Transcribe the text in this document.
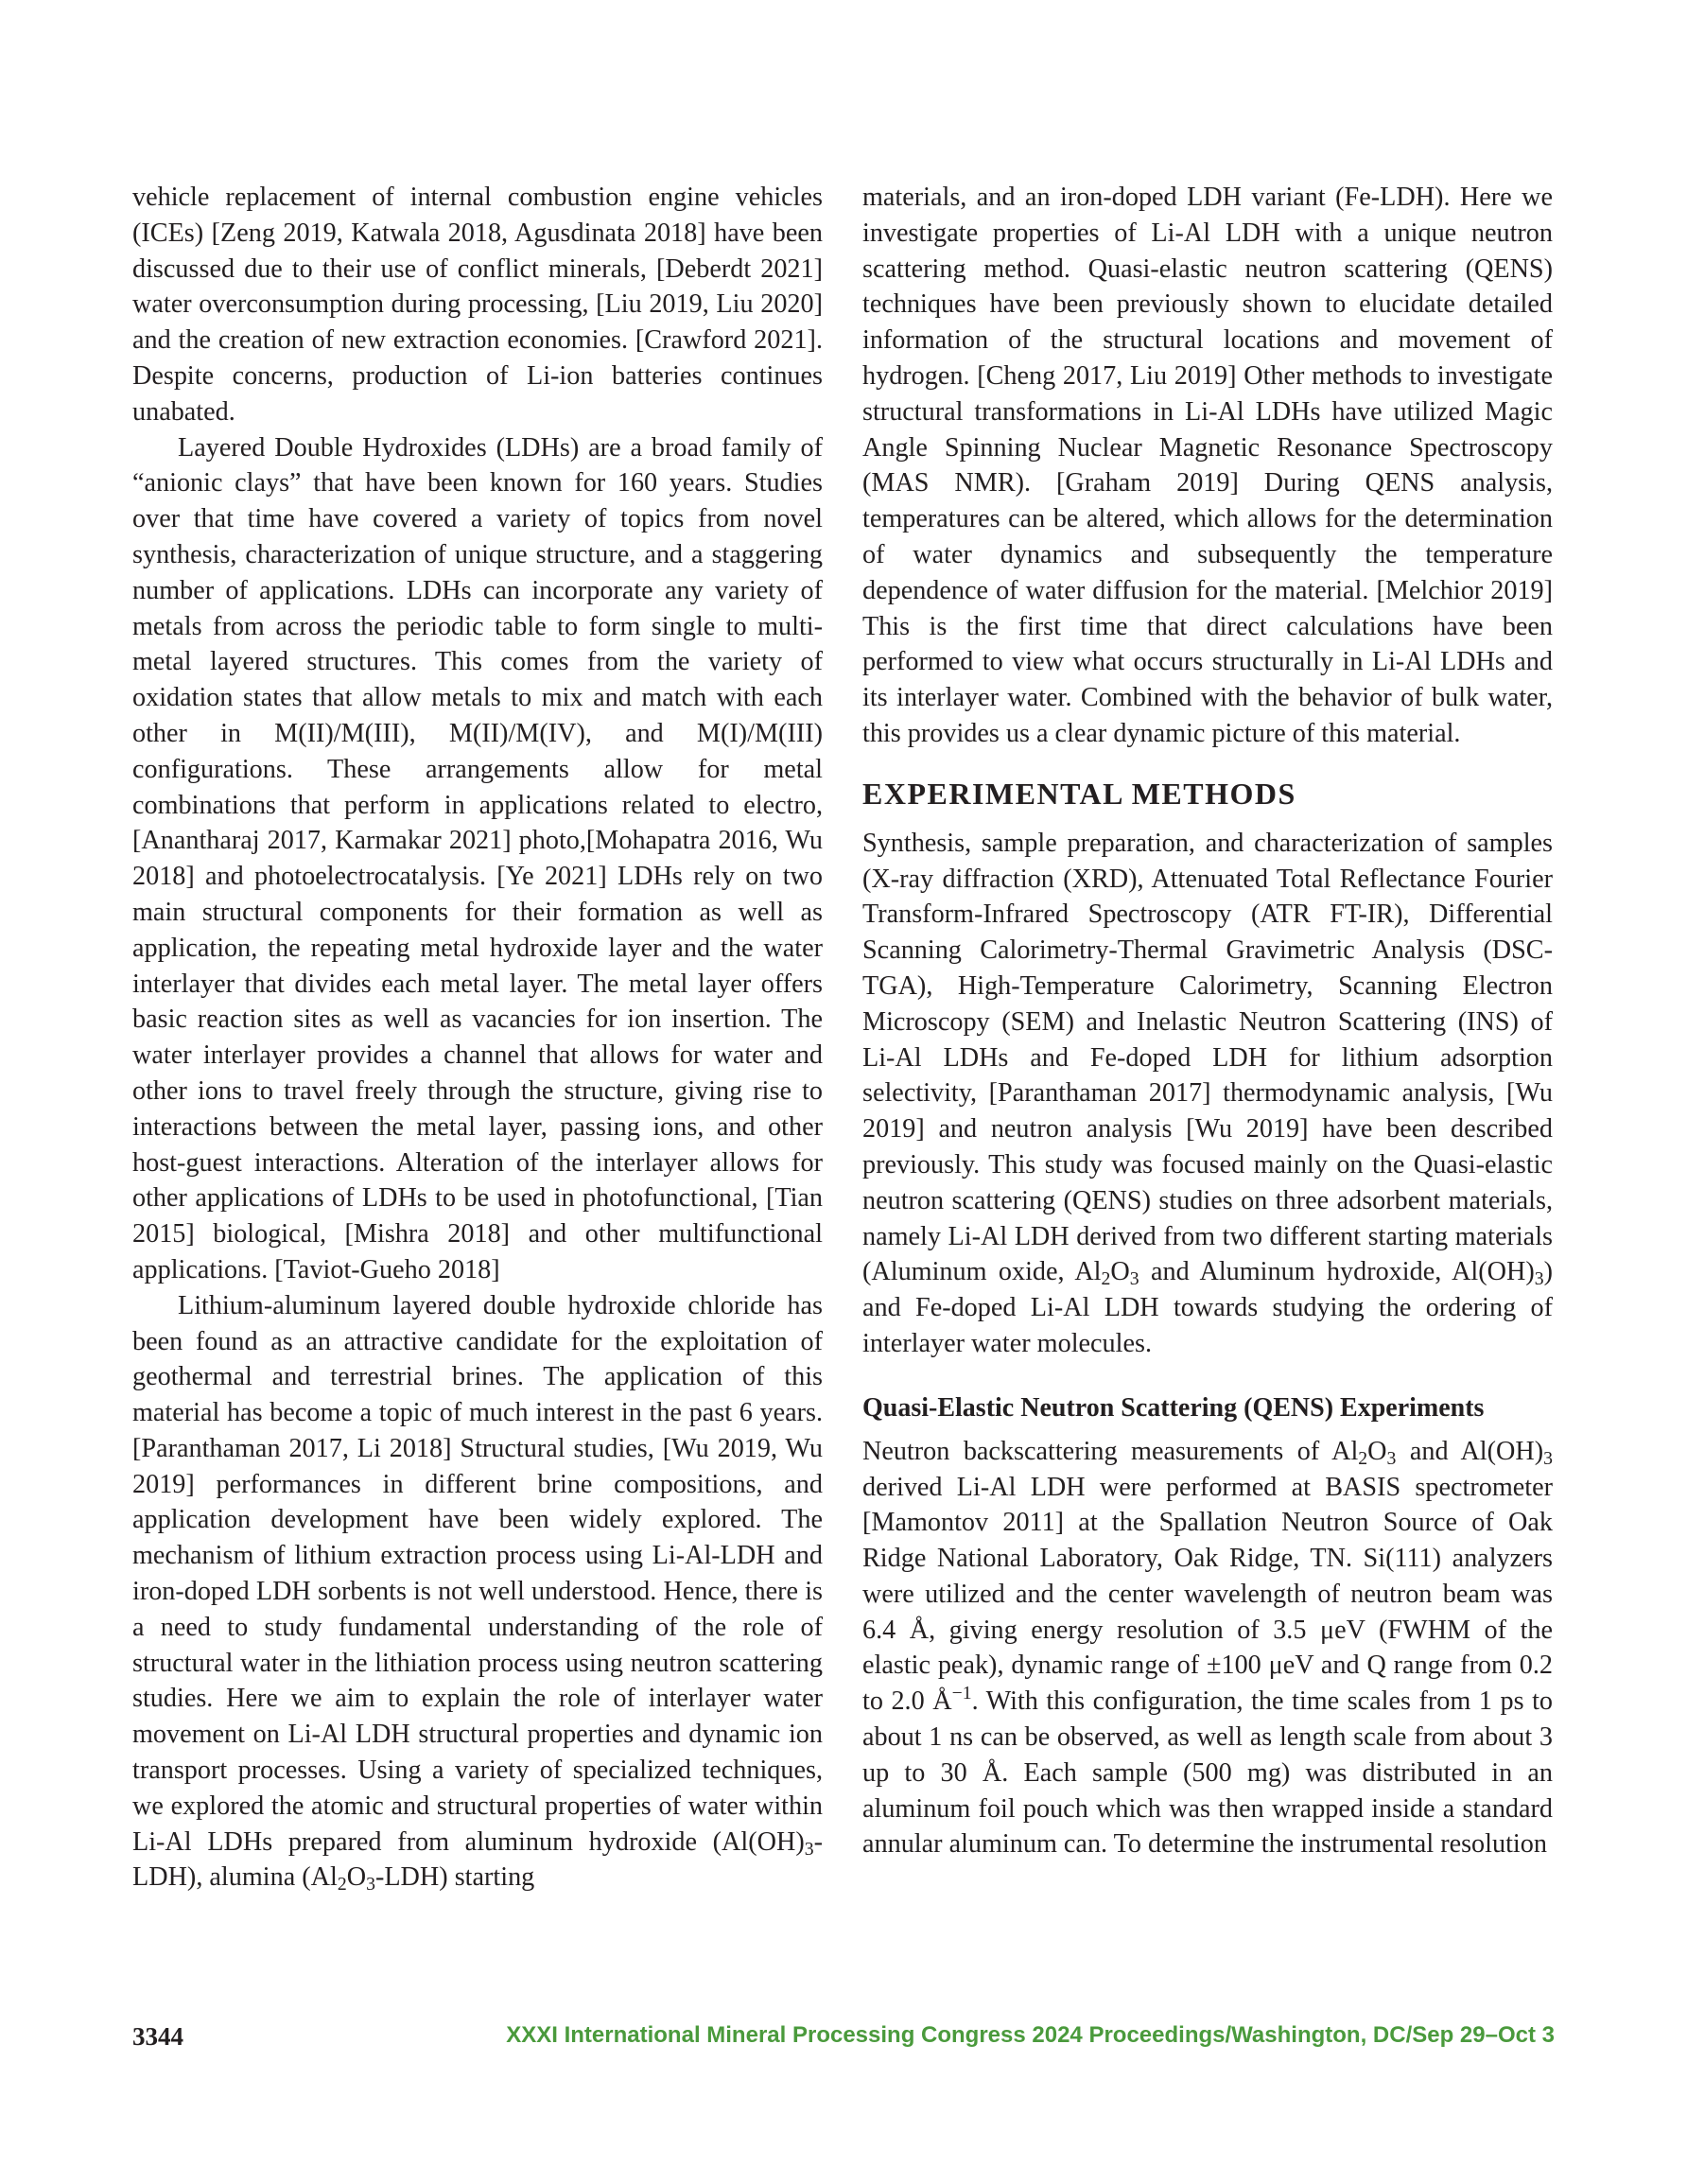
vehicle replacement of internal combustion engine vehicles (ICEs) [Zeng 2019, Katwala 2018, Agusdinata 2018] have been discussed due to their use of conflict minerals, [Deberdt 2021] water overconsumption during processing, [Liu 2019, Liu 2020] and the creation of new extraction economies. [Crawford 2021]. Despite concerns, production of Li-ion batteries continues unabated.

Layered Double Hydroxides (LDHs) are a broad family of “anionic clays” that have been known for 160 years. Studies over that time have covered a variety of topics from novel synthesis, characterization of unique structure, and a staggering number of applications. LDHs can incorporate any variety of metals from across the periodic table to form single to multi-metal layered structures. This comes from the variety of oxidation states that allow metals to mix and match with each other in M(II)/M(III), M(II)/M(IV), and M(I)/M(III) configurations. These arrangements allow for metal combinations that perform in applications related to electro, [Anantharaj 2017, Karmakar 2021] photo,[Mohapatra 2016, Wu 2018] and photoelectrocatalysis. [Ye 2021] LDHs rely on two main structural components for their formation as well as application, the repeating metal hydroxide layer and the water interlayer that divides each metal layer. The metal layer offers basic reaction sites as well as vacancies for ion insertion. The water interlayer provides a channel that allows for water and other ions to travel freely through the structure, giving rise to interactions between the metal layer, passing ions, and other host-guest interactions. Alteration of the interlayer allows for other applications of LDHs to be used in photofunctional, [Tian 2015] biological, [Mishra 2018] and other multifunctional applications. [Taviot-Gueho 2018]

Lithium-aluminum layered double hydroxide chloride has been found as an attractive candidate for the exploitation of geothermal and terrestrial brines. The application of this material has become a topic of much interest in the past 6 years. [Paranthaman 2017, Li 2018] Structural studies, [Wu 2019, Wu 2019] performances in different brine compositions, and application development have been widely explored. The mechanism of lithium extraction process using Li-Al-LDH and iron-doped LDH sorbents is not well understood. Hence, there is a need to study fundamental understanding of the role of structural water in the lithiation process using neutron scattering studies. Here we aim to explain the role of interlayer water movement on Li-Al LDH structural properties and dynamic ion transport processes. Using a variety of specialized techniques, we explored the atomic and structural properties of water within Li-Al LDHs prepared from aluminum hydroxide $(Al(OH)_3-LDH)$, alumina $(Al_2O_3-LDH)$ starting

materials, and an iron-doped LDH variant (Fe-LDH). Here we investigate properties of Li-Al LDH with a unique neutron scattering method. Quasi-elastic neutron scattering (QENS) techniques have been previously shown to elucidate detailed information of the structural locations and movement of hydrogen. [Cheng 2017, Liu 2019] Other methods to investigate structural transformations in Li-Al LDHs have utilized Magic Angle Spinning Nuclear Magnetic Resonance Spectroscopy (MAS NMR). [Graham 2019] During QENS analysis, temperatures can be altered, which allows for the determination of water dynamics and subsequently the temperature dependence of water diffusion for the material. [Melchior 2019] This is the first time that direct calculations have been performed to view what occurs structurally in Li-Al LDHs and its interlayer water. Combined with the behavior of bulk water, this provides us a clear dynamic picture of this material.

EXPERIMENTAL METHODS

Synthesis, sample preparation, and characterization of samples (X-ray diffraction (XRD), Attenuated Total Reflectance Fourier Transform-Infrared Spectroscopy (ATR FT-IR), Differential Scanning Calorimetry-Thermal Gravimetric Analysis (DSC-TGA), High-Temperature Calorimetry, Scanning Electron Microscopy (SEM) and Inelastic Neutron Scattering (INS) of Li-Al LDHs and Fe-doped LDH for lithium adsorption selectivity, [Paranthaman 2017] thermodynamic analysis, [Wu 2019] and neutron analysis [Wu 2019] have been described previously. This study was focused mainly on the Quasi-elastic neutron scattering (QENS) studies on three adsorbent materials, namely Li-Al LDH derived from two different starting materials (Aluminum oxide, $Al_2O_3$ and Aluminum hydroxide, $Al(OH)_3$) and Fe-doped Li-Al LDH towards studying the ordering of interlayer water molecules.

Quasi-Elastic Neutron Scattering (QENS) Experiments

Neutron backscattering measurements of $Al_2O_3$ and $Al(OH)_3$ derived Li-Al LDH were performed at BASIS spectrometer [Mamontov 2011] at the Spallation Neutron Source of Oak Ridge National Laboratory, Oak Ridge, TN. Si(111) analyzers were utilized and the center wavelength of neutron beam was 6.4 Å, giving energy resolution of 3.5 μeV (FWHM of the elastic peak), dynamic range of ±100 μeV and Q range from 0.2 to 2.0 $Å^{-1}$. With this configuration, the time scales from 1 ps to about 1 ns can be observed, as well as length scale from about 3 up to 30 Å. Each sample (500 mg) was distributed in an aluminum foil pouch which was then wrapped inside a standard annular aluminum can. To determine the instrumental resolution

3344	XXXI International Mineral Processing Congress 2024 Proceedings/Washington, DC/Sep 29–Oct 3
